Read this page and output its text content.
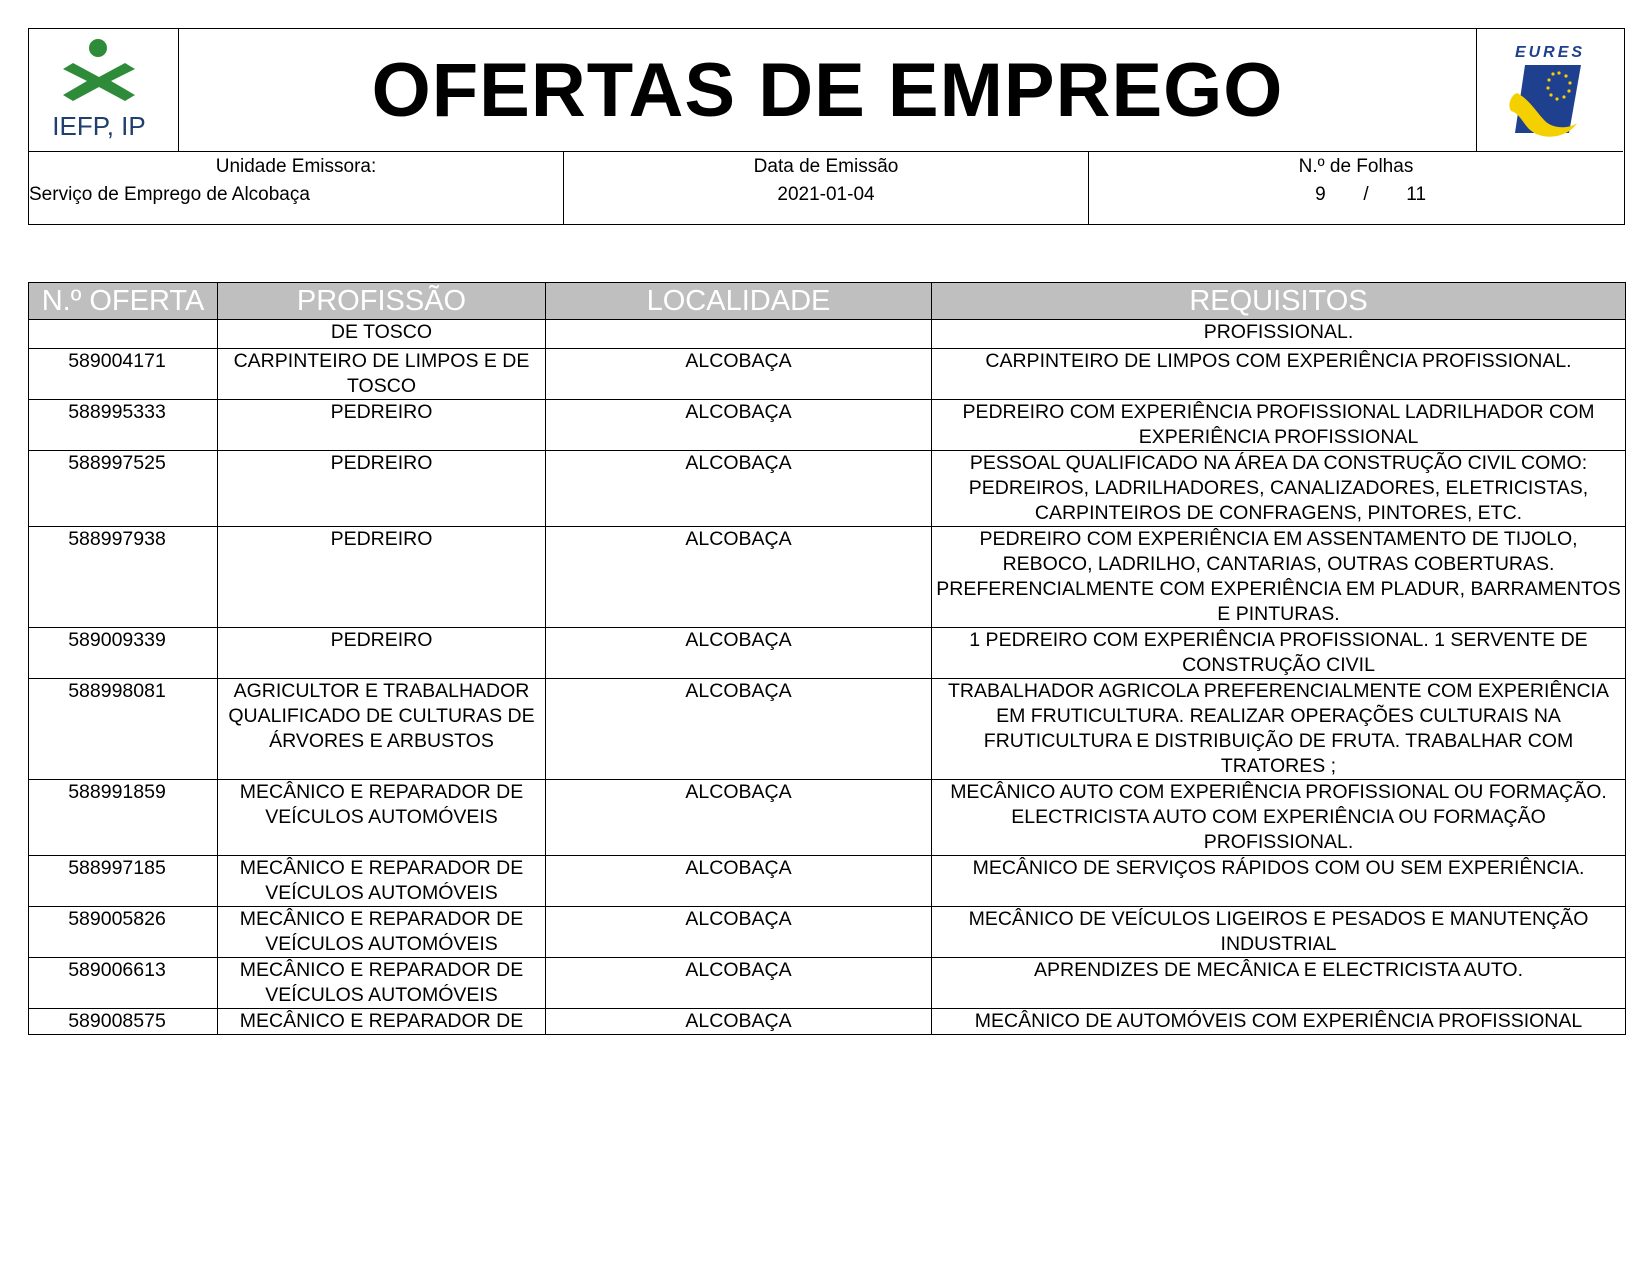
IEFP, IP	OFERTAS DE EMPREGO	EURES
Unidade Emissora:
Serviço de Emprego de Alcobaça
Data de Emissão
2021-01-04
N.º de Folhas
9 / 11
N.º OFERTA	PROFISSÃO	LOCALIDADE	REQUISITOS
	DE TOSCO		PROFISSIONAL.
589004171	CARPINTEIRO DE LIMPOS E DE TOSCO	ALCOBAÇA	CARPINTEIRO DE LIMPOS COM EXPERIÊNCIA PROFISSIONAL.
588995333	PEDREIRO	ALCOBAÇA	PEDREIRO COM EXPERIÊNCIA PROFISSIONAL LADRILHADOR COM EXPERIÊNCIA PROFISSIONAL
588997525	PEDREIRO	ALCOBAÇA	PESSOAL QUALIFICADO NA ÁREA DA CONSTRUÇÃO CIVIL COMO: PEDREIROS, LADRILHADORES, CANALIZADORES, ELETRICISTAS, CARPINTEIROS DE CONFRAGENS, PINTORES, ETC.
588997938	PEDREIRO	ALCOBAÇA	PEDREIRO COM EXPERIÊNCIA EM ASSENTAMENTO DE TIJOLO, REBOCO, LADRILHO, CANTARIAS, OUTRAS COBERTURAS. PREFERENCIALMENTE COM EXPERIÊNCIA EM PLADUR, BARRAMENTOS E PINTURAS.
589009339	PEDREIRO	ALCOBAÇA	1 PEDREIRO COM EXPERIÊNCIA PROFISSIONAL. 1 SERVENTE DE CONSTRUÇÃO CIVIL
588998081	AGRICULTOR E TRABALHADOR QUALIFICADO DE CULTURAS DE ÁRVORES E ARBUSTOS	ALCOBAÇA	TRABALHADOR AGRICOLA PREFERENCIALMENTE COM EXPERIÊNCIA EM FRUTICULTURA. REALIZAR OPERAÇÕES CULTURAIS NA FRUTICULTURA E DISTRIBUIÇÃO DE FRUTA. TRABALHAR COM TRATORES ;
588991859	MECÂNICO E REPARADOR DE VEÍCULOS AUTOMÓVEIS	ALCOBAÇA	MECÂNICO AUTO COM EXPERIÊNCIA PROFISSIONAL OU FORMAÇÃO. ELECTRICISTA AUTO COM EXPERIÊNCIA OU FORMAÇÃO PROFISSIONAL.
588997185	MECÂNICO E REPARADOR DE VEÍCULOS AUTOMÓVEIS	ALCOBAÇA	MECÂNICO DE SERVIÇOS RÁPIDOS COM OU SEM EXPERIÊNCIA.
589005826	MECÂNICO E REPARADOR DE VEÍCULOS AUTOMÓVEIS	ALCOBAÇA	MECÂNICO DE VEÍCULOS LIGEIROS E PESADOS E MANUTENÇÃO INDUSTRIAL
589006613	MECÂNICO E REPARADOR DE VEÍCULOS AUTOMÓVEIS	ALCOBAÇA	APRENDIZES DE MECÂNICA E ELECTRICISTA AUTO.
589008575	MECÂNICO E REPARADOR DE	ALCOBAÇA	MECÂNICO DE AUTOMÓVEIS COM EXPERIÊNCIA PROFISSIONAL
